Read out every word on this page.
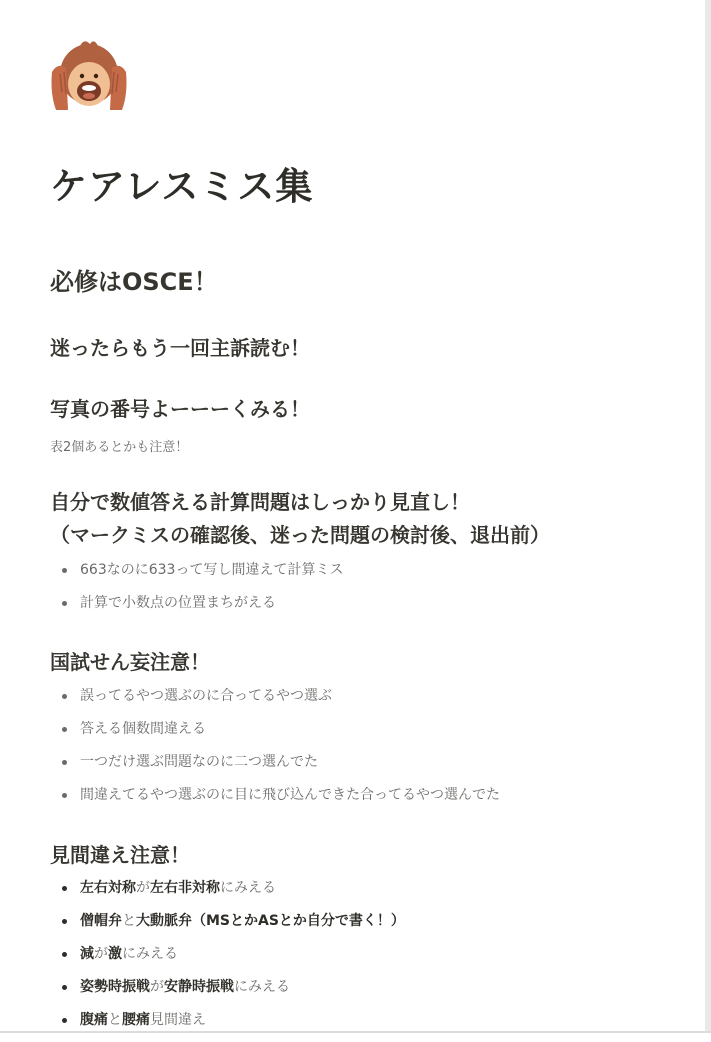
ケアレスミス集
必修はOSCE！
迷ったらもう一回主訴読む！
写真の番号よーーーくみる！

表2個あるとかも注意！

自分で数値答える計算問題はしっかり見直し！
（マークミスの確認後、迷った問題の検討後、退出前）
663なのに633って写し間違えて計算ミス
計算で小数点の位置まちがえる
国試せん妄注意！
誤ってるやつ選ぶのに合ってるやつ選ぶ
答える個数間違える
一つだけ選ぶ問題なのに二つ選んでた
間違えてるやつ選ぶのに目に飛び込んできた合ってるやつ選んでた
見間違え注意！
左右対称が左右非対称にみえる
僧帽弁と大動脈弁（MSとかASとか自分で書く！）
減が激にみえる
姿勢時振戦が安静時振戦にみえる
腹痛と腰痛見間違え
